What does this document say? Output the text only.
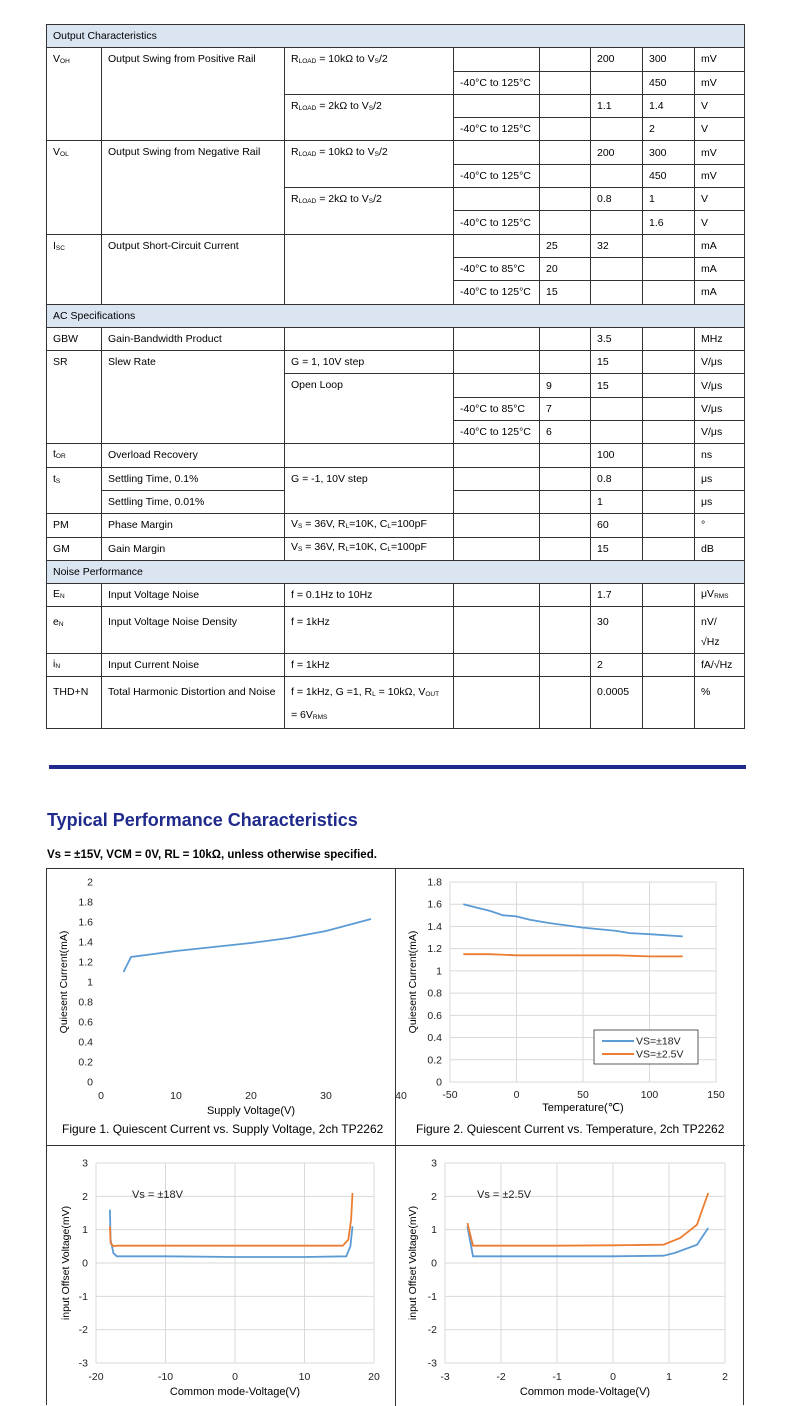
Output Characteristics							
$V_{OH}$	Output Swing from Positive Rail	$R_{LOAD} = 10k\Omega$ to $V_S/2$			200	300	mV
			-40°C to 125°C			450	mV
		$R_{LOAD} = 2k\Omega$ to $V_S/2$			1.1	1.4	V
			-40°C to 125°C			2	V
$V_{OL}$	Output Swing from Negative Rail	$R_{LOAD} = 10k\Omega$ to $V_S/2$			200	300	mV
			-40°C to 125°C			450	mV
		$R_{LOAD} = 2k\Omega$ to $V_S/2$			0.8	1	V
			-40°C to 125°C			1.6	V
$I_{SC}$	Output Short-Circuit Current			25	32		mA
			-40°C to 85°C	20			mA
			-40°C to 125°C	15			mA
AC Specifications							
GBW	Gain-Bandwidth Product				3.5		MHz
SR	Slew Rate	G = 1, 10V step			15		V/μs
		Open Loop		9	15		V/μs
			-40°C to 85°C	7			V/μs
			-40°C to 125°C	6			V/μs
$t_{OR}$	Overload Recovery				100		ns
$t_S$	Settling Time, 0.1%	G = -1, 10V step			0.8		μs
	Settling Time, 0.01%				1		μs
PM	Phase Margin	$V_S = 36V$, $R_L=10K$, $C_L=100pF$			60		°
GM	Gain Margin	$V_S = 36V$, $R_L=10K$, $C_L=100pF$			15		dB
Noise Performance							
$E_N$	Input Voltage Noise	f = 0.1Hz to 10Hz			1.7		$\mu V_{RMS}$
$e_N$	Input Voltage Noise Density	f = 1kHz			30		nV/ √Hz
$i_N$	Input Current Noise	f = 1kHz			2		fA/√Hz
THD+N	Total Harmonic Distortion and Noise	f = 1kHz, G =1, $R_L = 10k\Omega$, $V_{OUT} = 6V_{RMS}$			0.0005		%
Typical Performance Characteristics
Vs = ±15V, VCM = 0V, RL = 10kΩ, unless otherwise specified.
0
0.2
0.4
0.6
0.8
1
1.2
1.4
1.6
1.8
2
0	10	20	30	40
Supply Voltage(V)
Quiesent Current(mA)
0
0.2
0.4
0.6
0.8
1
1.2
1.4
1.6
1.8
-50	0	50	100	150
Temperature(℃)
Quiesent Current(mA)
VS=±18V
VS=±2.5V
-3
-2
-1
0
1
2
3
-20	-10	0	10	20
Common mode-Voltage(V)
input Offset Voltage(mV)
Vs = ±18V
-3
-2
-1
0
1
2
3
-3	-2	-1	0	1	2
Common mode-Voltage(V)
input Offset Voltage(mV)
Vs = ±2.5V
Figure 1. Quiescent Current vs. Supply Voltage, 2ch TP2262	Figure 2. Quiescent Current vs. Temperature, 2ch TP2262
